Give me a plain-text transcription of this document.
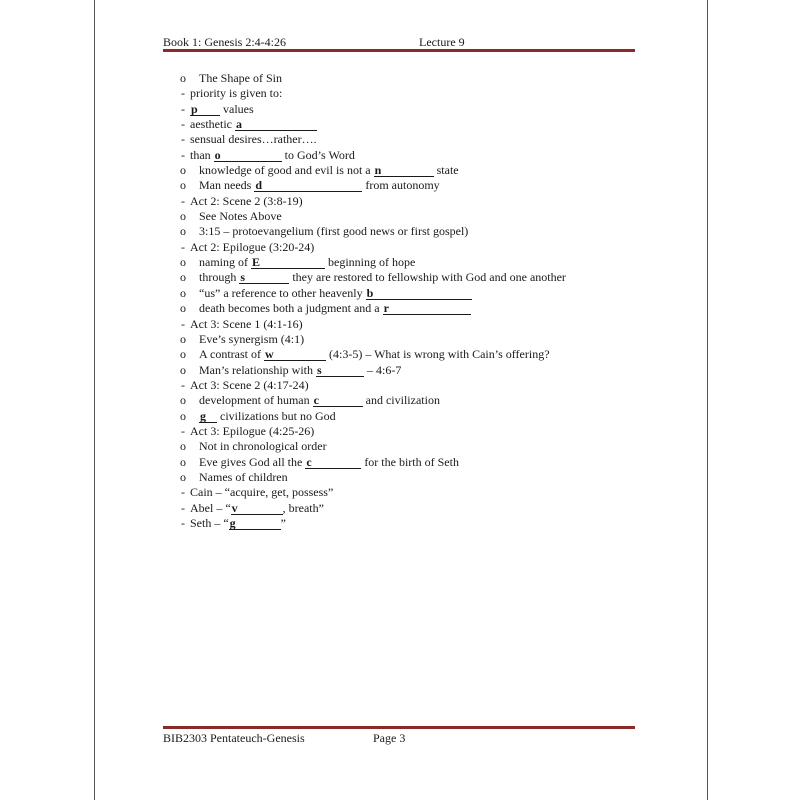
Book 1: Genesis 2:4-4:26	Lecture 9
o The Shape of Sin
- priority is given to:
- p values
- aesthetic a
- sensual desires…rather….
- than o	to God’s Word
o knowledge of good and evil is not a n	state
o Man needs d	from autonomy
- Act 2: Scene 2 (3:8-19)
o See Notes Above
o 3:15 – protoevangelium (first good news or first gospel)
- Act 2: Epilogue (3:20-24)
o naming of E	beginning of hope
o through s	they are restored to fellowship with God and one another
o “us” a reference to other heavenly b
o death becomes both a judgment and a r
- Act 3: Scene 1 (4:1-16)
o Eve’s synergism (4:1)
o A contrast of w	(4:3-5) – What is wrong with Cain’s offering?
o Man’s relationship with s	– 4:6-7
- Act 3: Scene 2 (4:17-24)
o development of human c	and civilization
o g civilizations but no God
- Act 3: Epilogue (4:25-26)
o Not in chronological order
o Eve gives God all the c	for the birth of Seth
o Names of children
- Cain – “acquire, get, possess”
- Abel – “v	, breath”
- Seth – “g	”
BIB2303 Pentateuch-Genesis	Page 3
